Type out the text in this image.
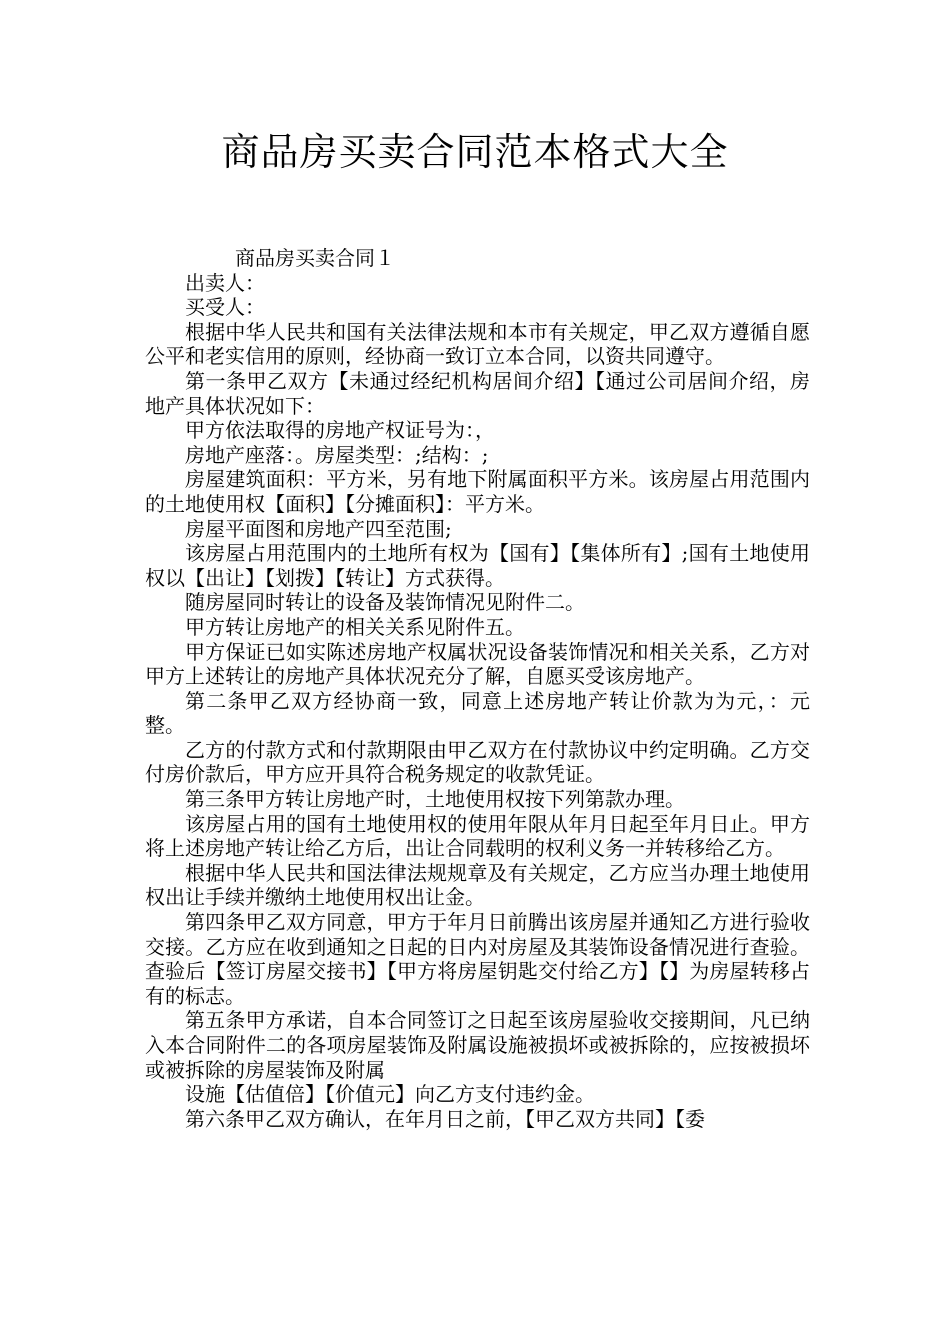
商品房买卖合同范本格式大全

商品房买卖合同１

出卖人：

买受人：

根据中华人民共和国有关法律法规和本市有关规定，甲乙双方遵循自愿公平和老实信用的原则，经协商一致订立本合同，以资共同遵守。

第一条甲乙双方【未通过经纪机构居间介绍】【通过公司居间介绍，房地产具体状况如下：

甲方依法取得的房地产权证号为：，

房地产座落：。房屋类型：;结构：;

房屋建筑面积：平方米，另有地下附属面积平方米。该房屋占用范围内的土地使用权【面积】【分摊面积】：平方米。

房屋平面图和房地产四至范围;

该房屋占用范围内的土地所有权为【国有】【集体所有】;国有土地使用权以【出让】【划拨】【转让】方式获得。

随房屋同时转让的设备及装饰情况见附件二。

甲方转让房地产的相关关系见附件五。

甲方保证已如实陈述房地产权属状况设备装饰情况和相关关系，乙方对甲方上述转让的房地产具体状况充分了解，自愿买受该房地产。

第二条甲乙双方经协商一致，同意上述房地产转让价款为为元，：元整。

乙方的付款方式和付款期限由甲乙双方在付款协议中约定明确。乙方交付房价款后，甲方应开具符合税务规定的收款凭证。

第三条甲方转让房地产时，土地使用权按下列第款办理。

该房屋占用的国有土地使用权的使用年限从年月日起至年月日止。甲方将上述房地产转让给乙方后，出让合同载明的权利义务一并转移给乙方。

根据中华人民共和国法律法规规章及有关规定，乙方应当办理土地使用权出让手续并缴纳土地使用权出让金。

第四条甲乙双方同意，甲方于年月日前腾出该房屋并通知乙方进行验收交接。乙方应在收到通知之日起的日内对房屋及其装饰设备情况进行查验。查验后【签订房屋交接书】【甲方将房屋钥匙交付给乙方】【】为房屋转移占有的标志。

第五条甲方承诺，自本合同签订之日起至该房屋验收交接期间，凡已纳入本合同附件二的各项房屋装饰及附属设施被损坏或被拆除的，应按被损坏或被拆除的房屋装饰及附属

设施【估值倍】【价值元】向乙方支付违约金。

第六条甲乙双方确认，在年月日之前，【甲乙双方共同】【委
